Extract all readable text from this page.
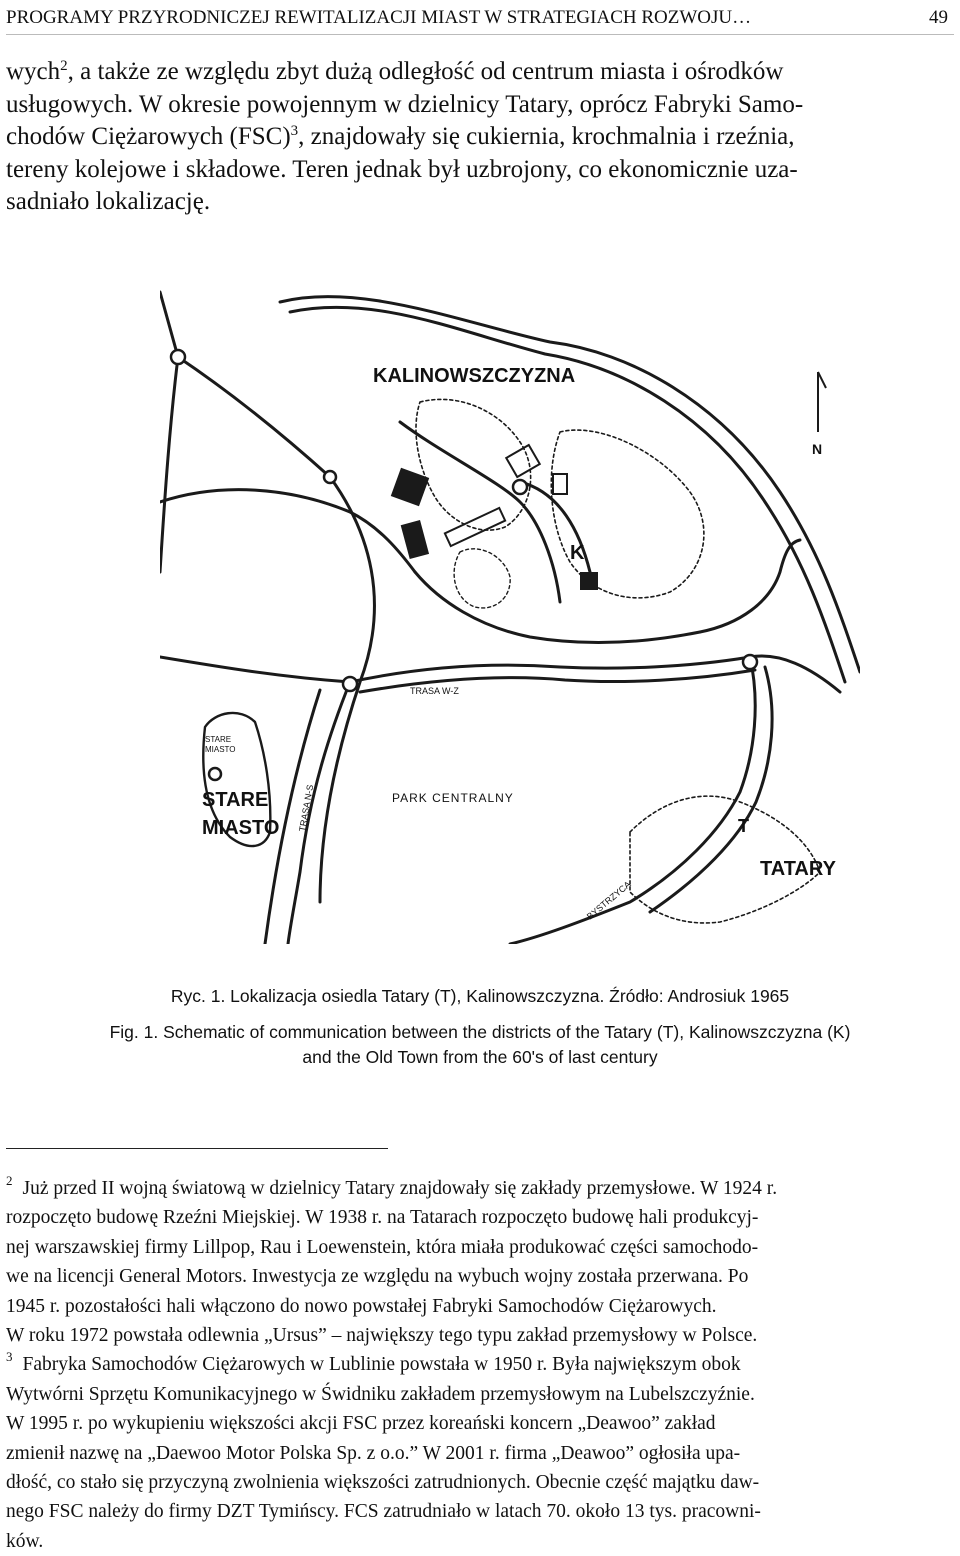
PROGRAMY PRZYRODNICZEJ REWITALIZACJI MIAST W STRATEGIACH ROZWOJU…	49
wych$^2$, a także ze względu zbyt dużą odległość od centrum miasta i ośrodków
usługowych. W okresie powojennym w dzielnicy Tatary, oprócz Fabryki Samo-
chodów Ciężarowych (FSC)$^3$, znajdowały się cukiernia, krochmalnia i rzeźnia,
tereny kolejowe i składowe. Teren jednak był uzbrojony, co ekonomicznie uza-
sadniało lokalizację.
KALINOWSZCZYZNA
K
N
TRASA W-Z
STARE
MIASTO
STARE
MIASTO TRASA N-S	PARK CENTRALNY
T
TATARY
BYSTRZYCA
Ryc. 1. Lokalizacja osiedla Tatary (T), Kalinowszczyzna. Źródło: Androsiuk 1965
Fig. 1. Schematic of communication between the districts of the Tatary (T), Kalinowszczyzna (K)
and the Old Town from the 60's of last century
2 Już przed II wojną światową w dzielnicy Tatary znajdowały się zakłady przemysłowe. W 1924 r.
rozpoczęto budowę Rzeźni Miejskiej. W 1938 r. na Tatarach rozpoczęto budowę hali produkcyj-
nej warszawskiej firmy Lillpop, Rau i Loewenstein, która miała produkować części samochodo-
we na licencji General Motors. Inwestycja ze względu na wybuch wojny została przerwana. Po
1945 r. pozostałości hali włączono do nowo powstałej Fabryki Samochodów Ciężarowych.
W roku 1972 powstała odlewnia „Ursus” – największy tego typu zakład przemysłowy w Polsce.
3 Fabryka Samochodów Ciężarowych w Lublinie powstała w 1950 r. Była największym obok
Wytwórni Sprzętu Komunikacyjnego w Świdniku zakładem przemysłowym na Lubelszczyźnie.
W 1995 r. po wykupieniu większości akcji FSC przez koreański koncern „Deawoo” zakład
zmienił nazwę na „Daewoo Motor Polska Sp. z o.o.” W 2001 r. firma „Deawoo” ogłosiła upa-
dłość, co stało się przyczyną zwolnienia większości zatrudnionych. Obecnie część majątku daw-
nego FSC należy do firmy DZT Tymińscy. FCS zatrudniało w latach 70. około 13 tys. pracowni-
ków.
